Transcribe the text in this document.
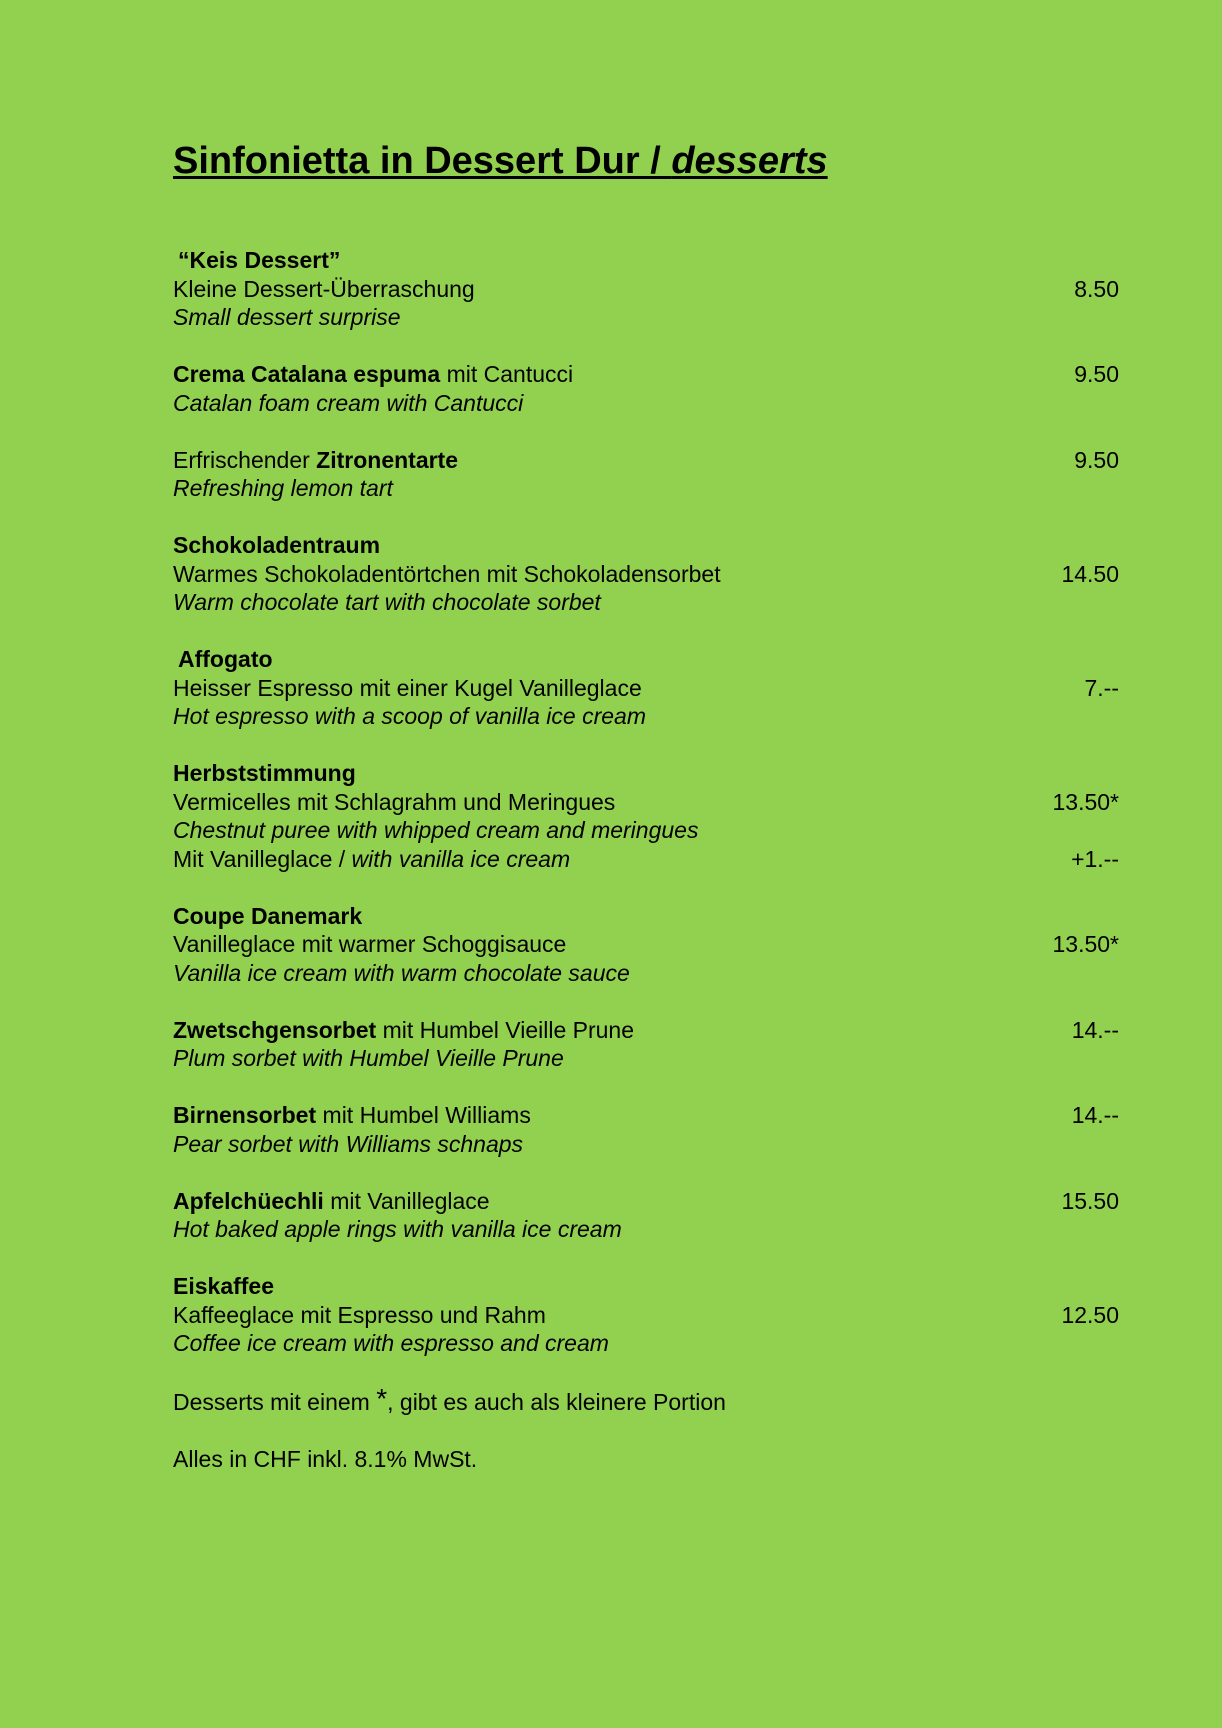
Sinfonietta in Dessert Dur / desserts
“Keis Dessert”
Kleine Dessert-Überraschung	8.50
Small dessert surprise
Crema Catalana espuma mit Cantucci	9.50
Catalan foam cream with Cantucci
Erfrischender Zitronentarte	9.50
Refreshing lemon tart
Schokoladentraum
Warmes Schokoladentörtchen mit Schokoladensorbet	14.50
Warm chocolate tart with chocolate sorbet
Affogato
Heisser Espresso mit einer Kugel Vanilleglace	7.--
Hot espresso with a scoop of vanilla ice cream
Herbststimmung
Vermicelles mit Schlagrahm und Meringues	13.50*
Chestnut puree with whipped cream and meringues
Mit Vanilleglace / with vanilla ice cream	+1.--
Coupe Danemark
Vanilleglace mit warmer Schoggisauce	13.50*
Vanilla ice cream with warm chocolate sauce
Zwetschgensorbet mit Humbel Vieille Prune	14.--
Plum sorbet with Humbel Vieille Prune
Birnensorbet mit Humbel Williams	14.--
Pear sorbet with Williams schnaps
Apfelchüechli mit Vanilleglace	15.50
Hot baked apple rings with vanilla ice cream
Eiskaffee
Kaffeeglace mit Espresso und Rahm	12.50
Coffee ice cream with espresso and cream
Desserts mit einem *, gibt es auch als kleinere Portion
Alles in CHF inkl. 8.1% MwSt.
